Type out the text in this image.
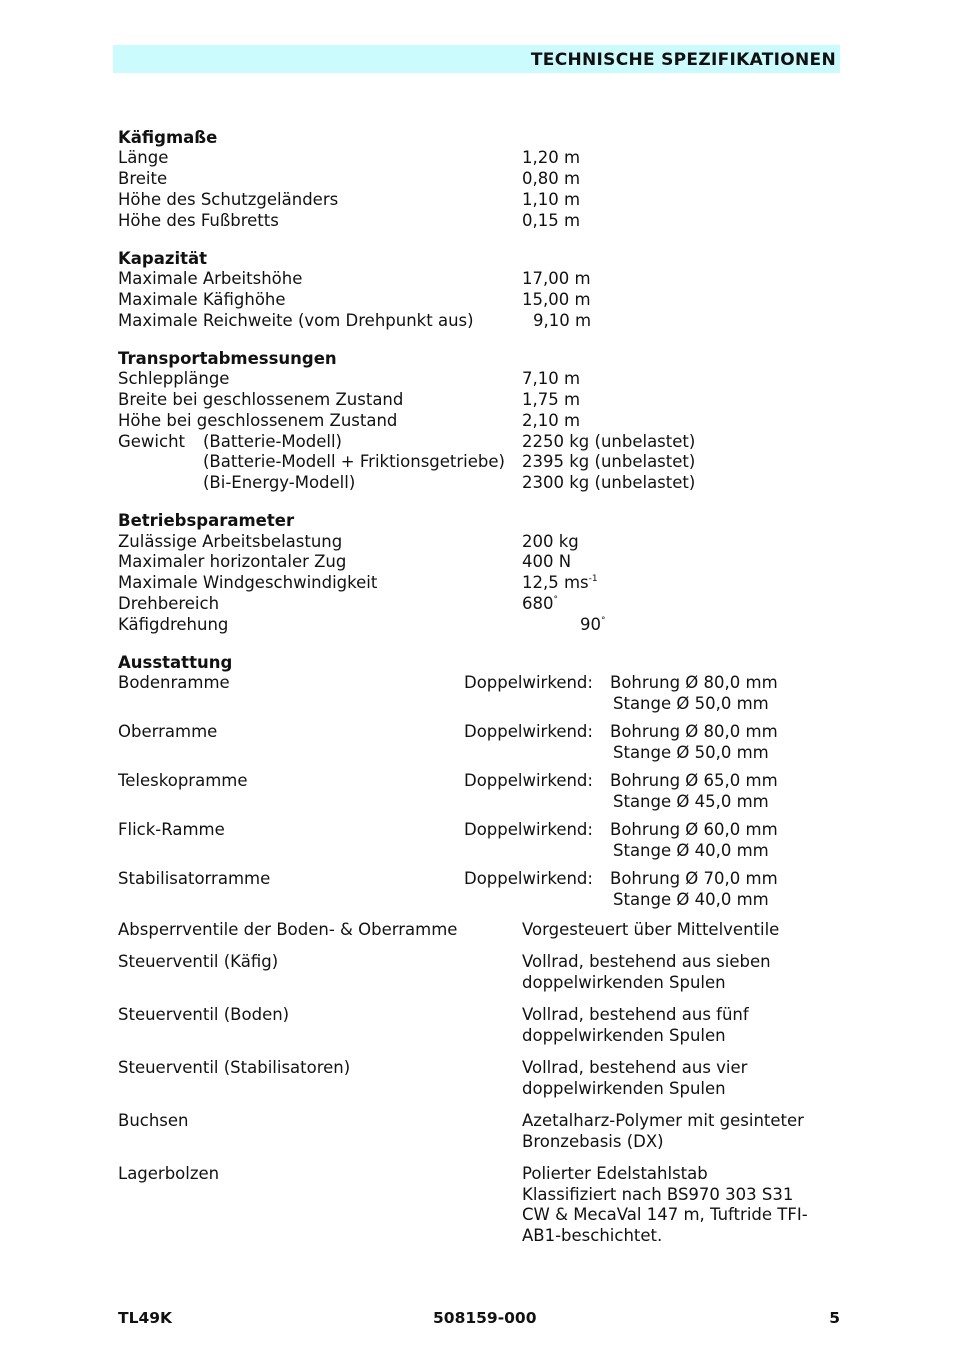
TECHNISCHE SPEZIFIKATIONEN
Käfigmaße
Länge	1,20 m
Breite	0,80 m
Höhe des Schutzgeländers	1,10 m
Höhe des Fußbretts	0,15 m
Kapazität
Maximale Arbeitshöhe	17,00 m
Maximale Käfighöhe	15,00 m
Maximale Reichweite (vom Drehpunkt aus)	9,10 m
Transportabmessungen
Schlepplänge	7,10 m
Breite bei geschlossenem Zustand	1,75 m
Höhe bei geschlossenem Zustand	2,10 m
Gewicht (Batterie-Modell)	2250 kg (unbelastet)
(Batterie-Modell + Friktionsgetriebe) 2395 kg (unbelastet)
(Bi-Energy-Modell)	2300 kg (unbelastet)
Betriebsparameter
Zulässige Arbeitsbelastung	200 kg
Maximaler horizontaler Zug	400 N
Maximale Windgeschwindigkeit	12,5 $ms^{-1}$
Drehbereich	680°
Käfigdrehung	90°
Ausstattung
Bodenramme	Doppelwirkend: Bohrung Ø 80,0 mm
Stange Ø 50,0 mm
Oberramme	Doppelwirkend: Bohrung Ø 80,0 mm
Stange Ø 50,0 mm
Teleskopramme	Doppelwirkend: Bohrung Ø 65,0 mm
Stange Ø 45,0 mm
Flick-Ramme	Doppelwirkend: Bohrung Ø 60,0 mm
Stange Ø 40,0 mm
Stabilisatorramme	Doppelwirkend: Bohrung Ø 70,0 mm
Stange Ø 40,0 mm
Absperrventile der Boden- & Oberramme	Vorgesteuert über Mittelventile
Steuerventil (Käfig)	Vollrad, bestehend aus sieben
doppelwirkenden Spulen
Steuerventil (Boden)	Vollrad, bestehend aus fünf
doppelwirkenden Spulen
Steuerventil (Stabilisatoren)	Vollrad, bestehend aus vier
doppelwirkenden Spulen
Buchsen	Azetalharz-Polymer mit gesinteter
Bronzebasis (DX)
Lagerbolzen	Polierter Edelstahlstab
Klassifiziert nach BS970 303 S31
CW & MecaVal 147 m, Tuftride TFI-
AB1-beschichtet.
TL49K	508159-000	5
